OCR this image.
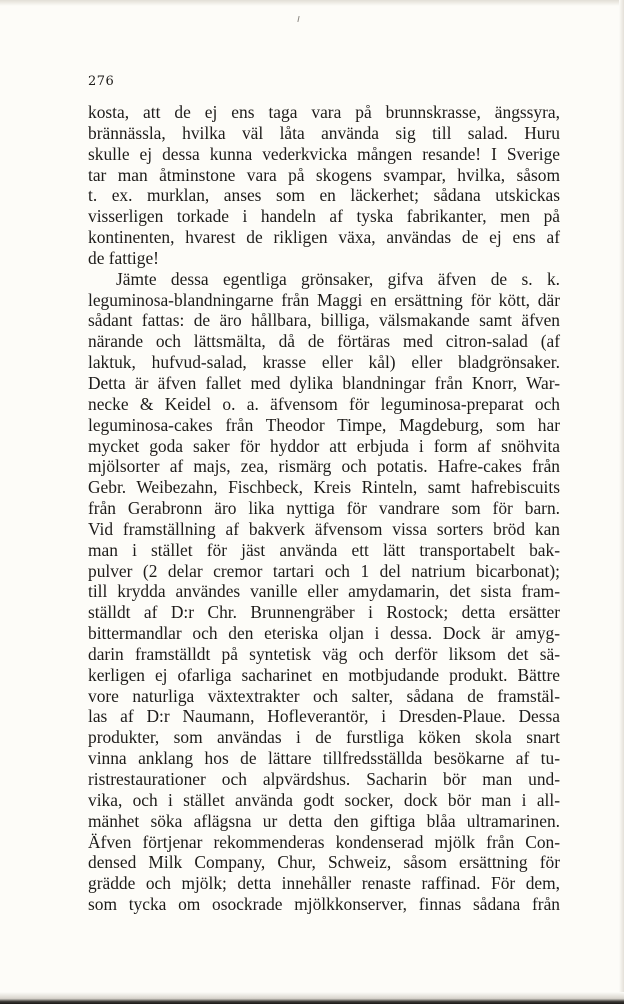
276
kosta, att de ej ens taga vara på brunnskrasse, ängssyra,
brännässla, hvilka väl låta använda sig till salad. Huru
skulle ej dessa kunna vederkvicka mången resande! I Sverige
tar man åtminstone vara på skogens svampar, hvilka, såsom
t. ex. murklan, anses som en läckerhet; sådana utskickas
visserligen torkade i handeln af tyska fabrikanter, men på
kontinenten, hvarest de rikligen växa, användas de ej ens af
de fattige!
Jämte dessa egentliga grönsaker, gifva äfven de s. k.
leguminosa-blandningarne från Maggi en ersättning för kött, där
sådant fattas: de äro hållbara, billiga, välsmakande samt äfven
närande och lättsmälta, då de förtäras med citron-salad (af
laktuk, hufvud-salad, krasse eller kål) eller bladgrönsaker.
Detta är äfven fallet med dylika blandningar från Knorr, War-
necke & Keidel o. a. äfvensom för leguminosa-preparat och
leguminosa-cakes från Theodor Timpe, Magdeburg, som har
mycket goda saker för hyddor att erbjuda i form af snöhvita
mjölsorter af majs, zea, rismärg och potatis. Hafre-cakes från
Gebr. Weibezahn, Fischbeck, Kreis Rinteln, samt hafrebiscuits
från Gerabronn äro lika nyttiga för vandrare som för barn.
Vid framställning af bakverk äfvensom vissa sorters bröd kan
man i stället för jäst använda ett lätt transportabelt bak-
pulver (2 delar cremor tartari och 1 del natrium bicarbonat);
till krydda användes vanille eller amydamarin, det sista fram-
ställdt af D:r Chr. Brunnengräber i Rostock; detta ersätter
bittermandlar och den eteriska oljan i dessa. Dock är amyg-
darin framställdt på syntetisk väg och derför liksom det sä-
kerligen ej ofarliga sacharinet en motbjudande produkt. Bättre
vore naturliga växtextrakter och salter, sådana de framstäl-
las af D:r Naumann, Hofleverantör, i Dresden-Plaue. Dessa
produkter, som användas i de furstliga köken skola snart
vinna anklang hos de lättare tillfredsställda besökarne af tu-
ristrestaurationer och alpvärdshus. Sacharin bör man und-
vika, och i stället använda godt socker, dock bör man i all-
mänhet söka aflägsna ur detta den giftiga blåa ultramarinen.
Äfven förtjenar rekommenderas kondenserad mjölk från Con-
densed Milk Company, Chur, Schweiz, såsom ersättning för
grädde och mjölk; detta innehåller renaste raffinad. För dem,
som tycka om osockrade mjölkkonserver, finnas sådana från
